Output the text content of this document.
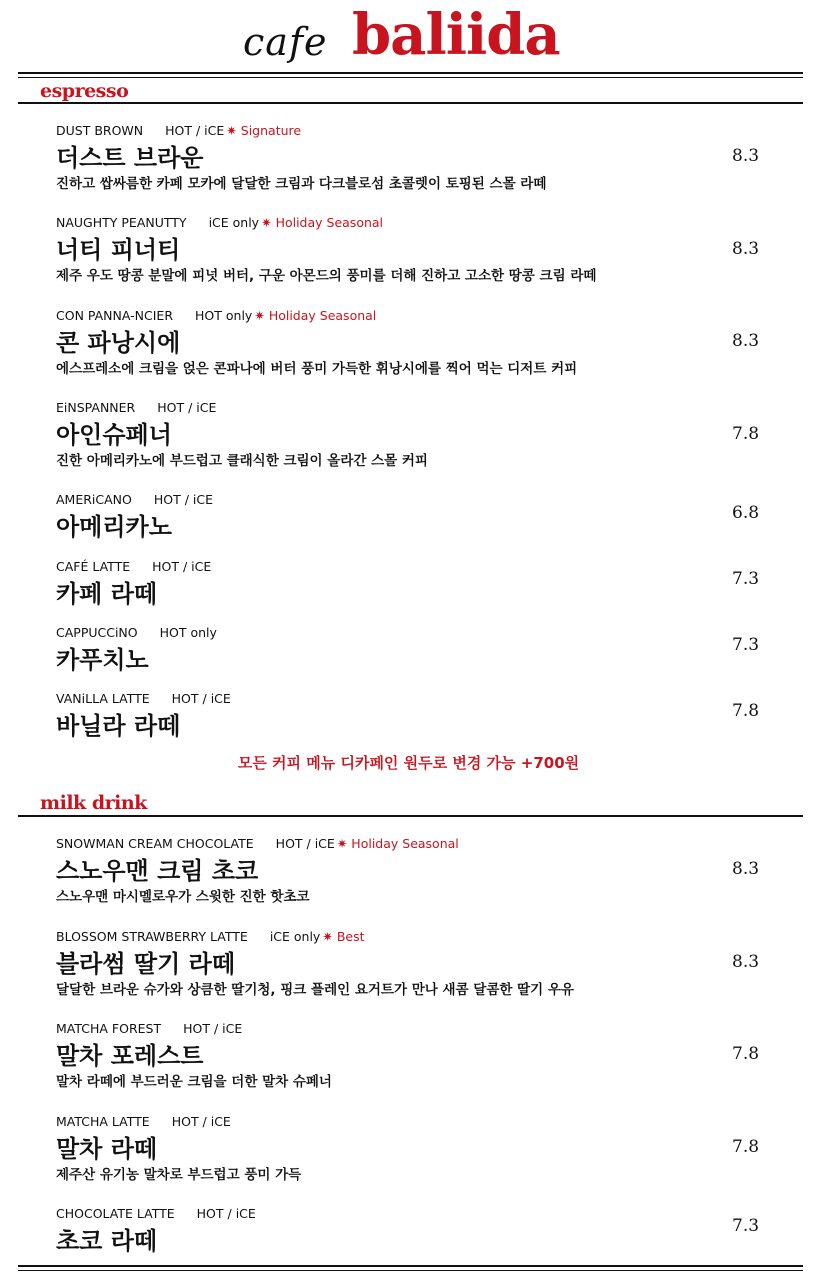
cafe baliida
espresso
DUST BROWN HOT / iCE ✷ Signature
더스트 브라운
진하고 쌉싸름한 카페 모카에 달달한 크림과 다크블로섬 초콜렛이 토핑된 스몰 라떼
8.3
NAUGHTY PEANUTTY iCE only ✷ Holiday Seasonal
너티 피너티
제주 우도 땅콩 분말에 피넛 버터, 구운 아몬드의 풍미를 더해 진하고 고소한 땅콩 크림 라떼
8.3
CON PANNA-NCIER HOT only ✷ Holiday Seasonal
콘 파낭시에
에스프레소에 크림을 얹은 콘파나에 버터 풍미 가득한 휘낭시에를 찍어 먹는 디저트 커피
8.3
EiNSPANNER HOT / iCE
아인슈페너
진한 아메리카노에 부드럽고 클래식한 크림이 올라간 스몰 커피
7.8
AMERiCANO HOT / iCE
아메리카노	6.8
CAFÉ LATTE HOT / iCE
카페 라떼
7.3
CAPPUCCiNO HOT only
카푸치노
7.3
VANiLLA LATTE HOT / iCE
바닐라 라떼
7.8
모든 커피 메뉴 디카페인 원두로 변경 가능 +700원
milk drink
SNOWMAN CREAM CHOCOLATE HOT / iCE ✷ Holiday Seasonal
스노우맨 크림 초코
스노우맨 마시멜로우가 스윗한 진한 핫초코
8.3
BLOSSOM STRAWBERRY LATTE iCE only ✷ Best
블라썸 딸기 라떼
달달한 브라운 슈가와 상큼한 딸기청, 핑크 플레인 요거트가 만나 새콤 달콤한 딸기 우유
8.3
MATCHA FOREST HOT / iCE
말차 포레스트
말차 라떼에 부드러운 크림을 더한 말차 슈페너
7.8
MATCHA LATTE HOT / iCE
말차 라떼
제주산 유기농 말차로 부드럽고 풍미 가득
7.8
CHOCOLATE LATTE HOT / iCE
초코 라떼
7.3
